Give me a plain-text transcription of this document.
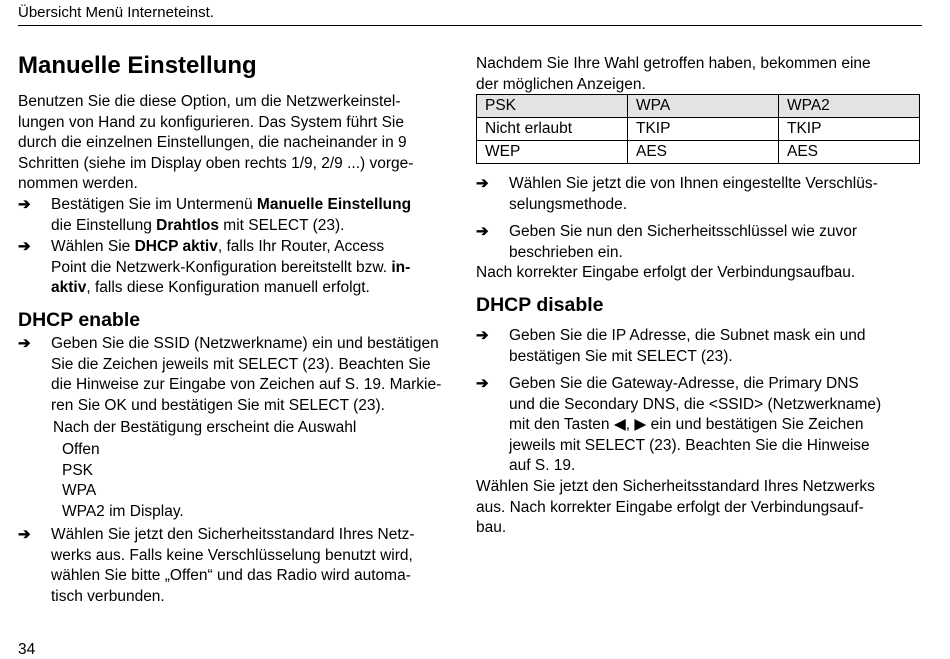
Übersicht Menü Interneteinst.
Manuelle Einstellung

Benutzen Sie die diese Option, um die Netzwerkeinstel-

lungen von Hand zu konfigurieren. Das System führt Sie

durch die einzelnen Einstellungen, die nacheinander in 9

Schritten (siehe im Display oben rechts 1/9, 2/9 ...) vorge-

nommen werden.

➔	Bestätigen Sie im Untermenü Manuelle Einstellung

die Einstellung Drahtlos mit SELECT (23).

➔	Wählen Sie DHCP aktiv, falls Ihr Router, Access

Point die Netzwerk-Konfiguration bereitstellt bzw. in-

aktiv, falls diese Konfiguration manuell erfolgt.

DHCP enable
➔	Geben Sie die SSID (Netzwerkname) ein und bestätigen

Sie die Zeichen jeweils mit SELECT (23). Beachten Sie

die Hinweise zur Eingabe von Zeichen auf S. 19. Markie-

ren Sie OK und bestätigen Sie mit SELECT (23).

Nach der Bestätigung erscheint die Auswahl

Offen

PSK

WPA

WPA2 im Display.

➔	Wählen Sie jetzt den Sicherheitsstandard Ihres Netz-

werks aus. Falls keine Verschlüsselung benutzt wird,

wählen Sie bitte „Offen“ und das Radio wird automa-

tisch verbunden.

Nachdem Sie Ihre Wahl getroffen haben, bekommen eine

der möglichen Anzeigen.

PSK	WPA	WPA2
Nicht erlaubt	TKIP	TKIP
WEP	AES	AES
➔	Wählen Sie jetzt die von Ihnen eingestellte Verschlüs-

selungsmethode.

➔	Geben Sie nun den Sicherheitsschlüssel wie zuvor

beschrieben ein.

Nach korrekter Eingabe erfolgt der Verbindungsaufbau.
DHCP disable
➔	Geben Sie die IP Adresse, die Subnet mask ein und

bestätigen Sie mit SELECT (23).

➔	Geben Sie die Gateway-Adresse, die Primary DNS

und die Secondary DNS, die <SSID> (Netzwerkname)

mit den Tasten ◀, ▶ ein und bestätigen Sie Zeichen

jeweils mit SELECT (23). Beachten Sie die Hinweise

auf S. 19.

Wählen Sie jetzt den Sicherheitsstandard Ihres Netzwerks

aus. Nach korrekter Eingabe erfolgt der Verbindungsauf-

bau.

34
